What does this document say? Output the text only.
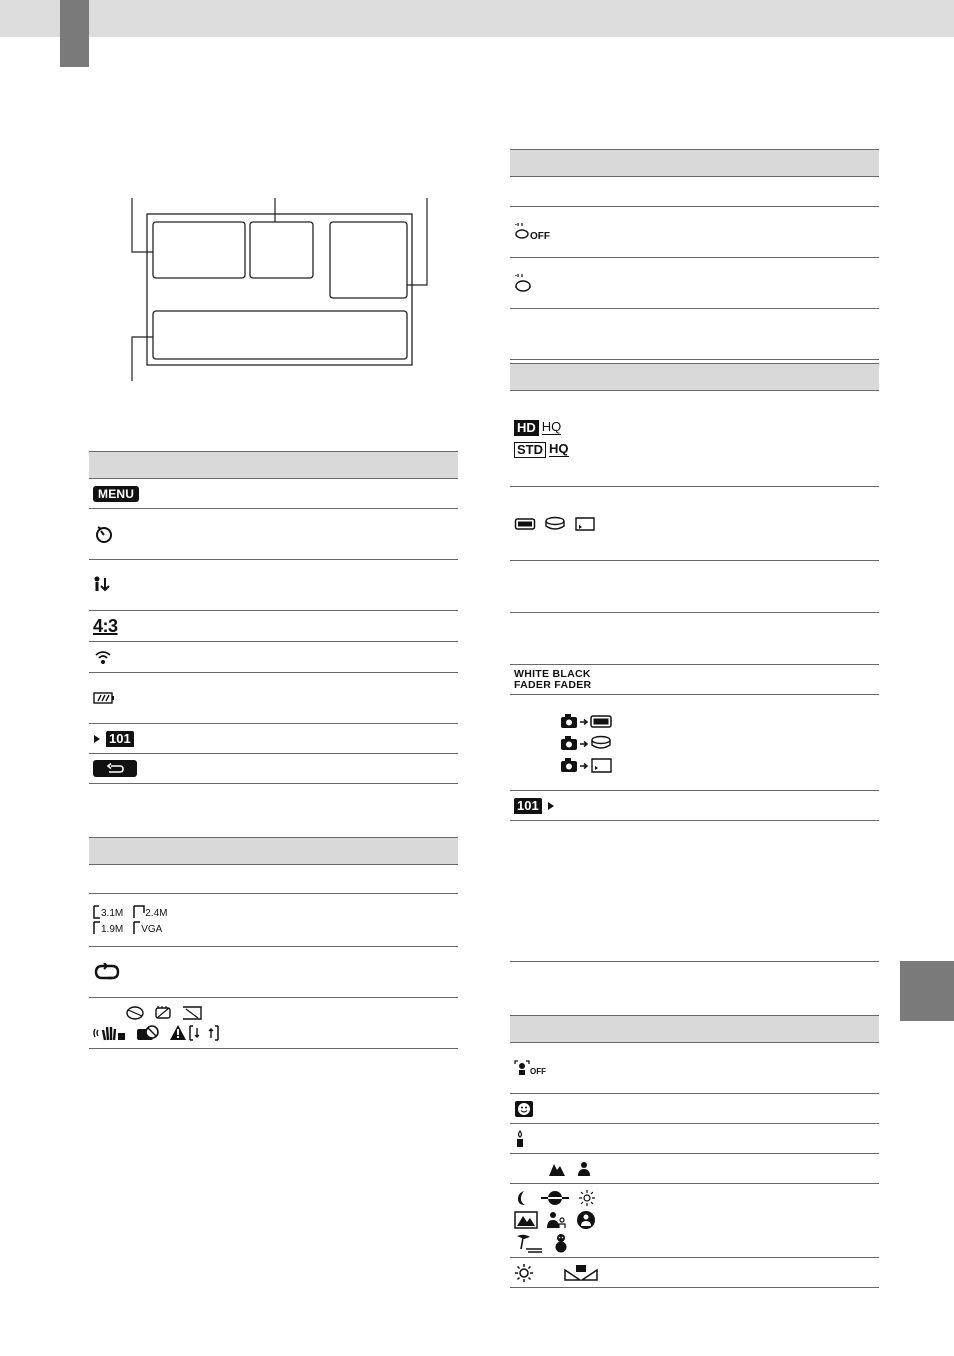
MENU
4:3
101
3.1M 2.4M
1.9M VGA
OFF
HD HQ
STD HQ
WHITE BLACK
FADER FADER
101
OFF
